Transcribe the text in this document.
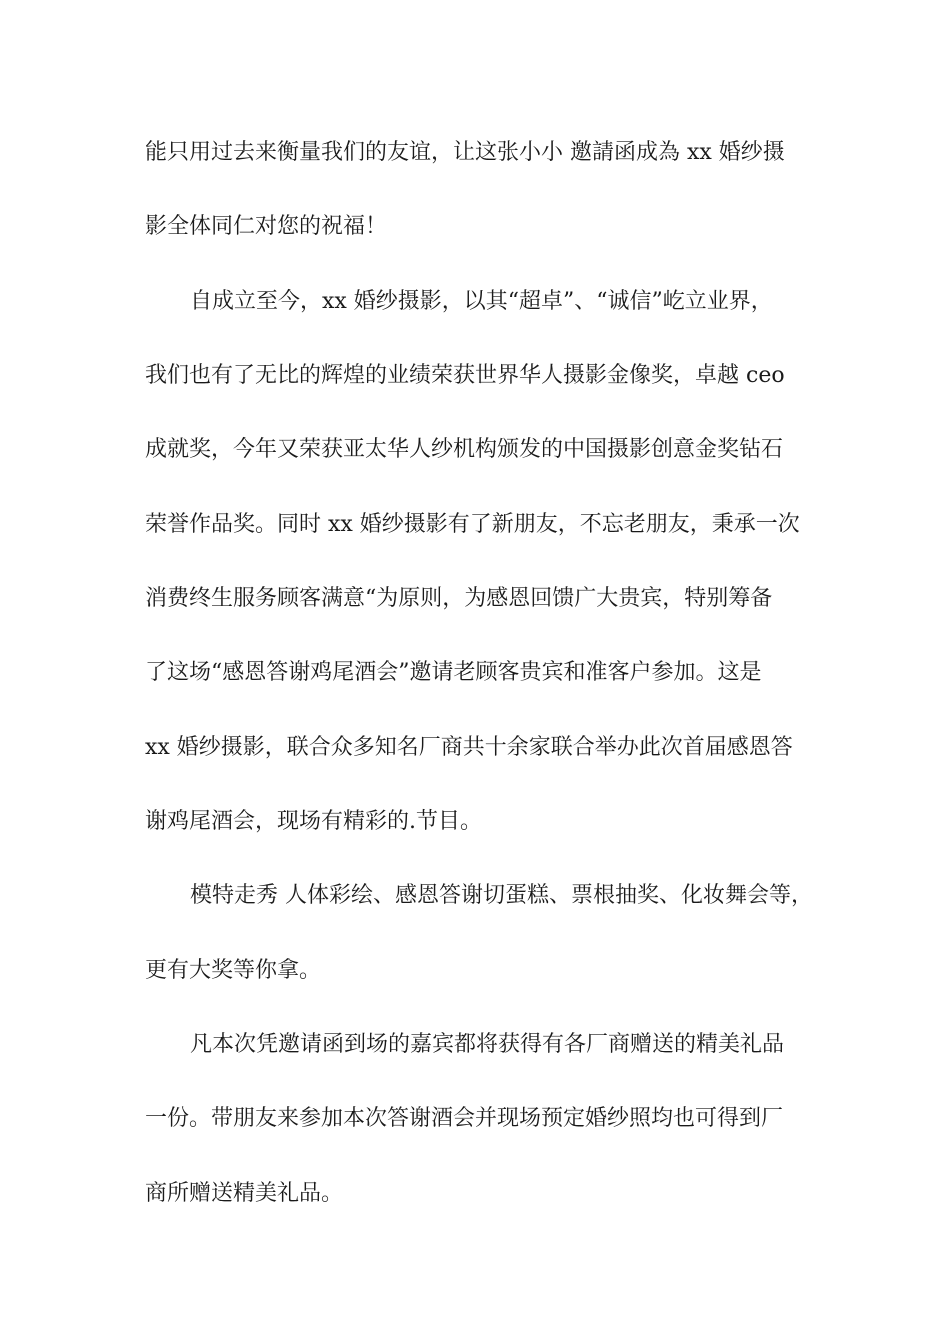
能只用过去来衡量我们的友谊，让这张小小 邀請函成為 xx 婚纱摄
影全体同仁对您的祝福！
自成立至今，xx 婚纱摄影，以其“超卓”、“诚信”屹立业界，
我们也有了无比的辉煌的业绩荣获世界华人摄影金像奖，卓越 ceo
成就奖，今年又荣获亚太华人纱机构颁发的中国摄影创意金奖钻石
荣誉作品奖。同时 xx 婚纱摄影有了新朋友，不忘老朋友，秉承一次
消费终生服务顾客满意“为原则，为感恩回馈广大贵宾，特别筹备
了这场“感恩答谢鸡尾酒会”邀请老顾客贵宾和准客户参加。这是
xx 婚纱摄影，联合众多知名厂商共十余家联合举办此次首届感恩答
谢鸡尾酒会，现场有精彩的.节目。
模特走秀 人体彩绘、感恩答谢切蛋糕、票根抽奖、化妆舞会等，
更有大奖等你拿。
凡本次凭邀请函到场的嘉宾都将获得有各厂商赠送的精美礼品
一份。带朋友来参加本次答谢酒会并现场预定婚纱照均也可得到厂
商所赠送精美礼品。
